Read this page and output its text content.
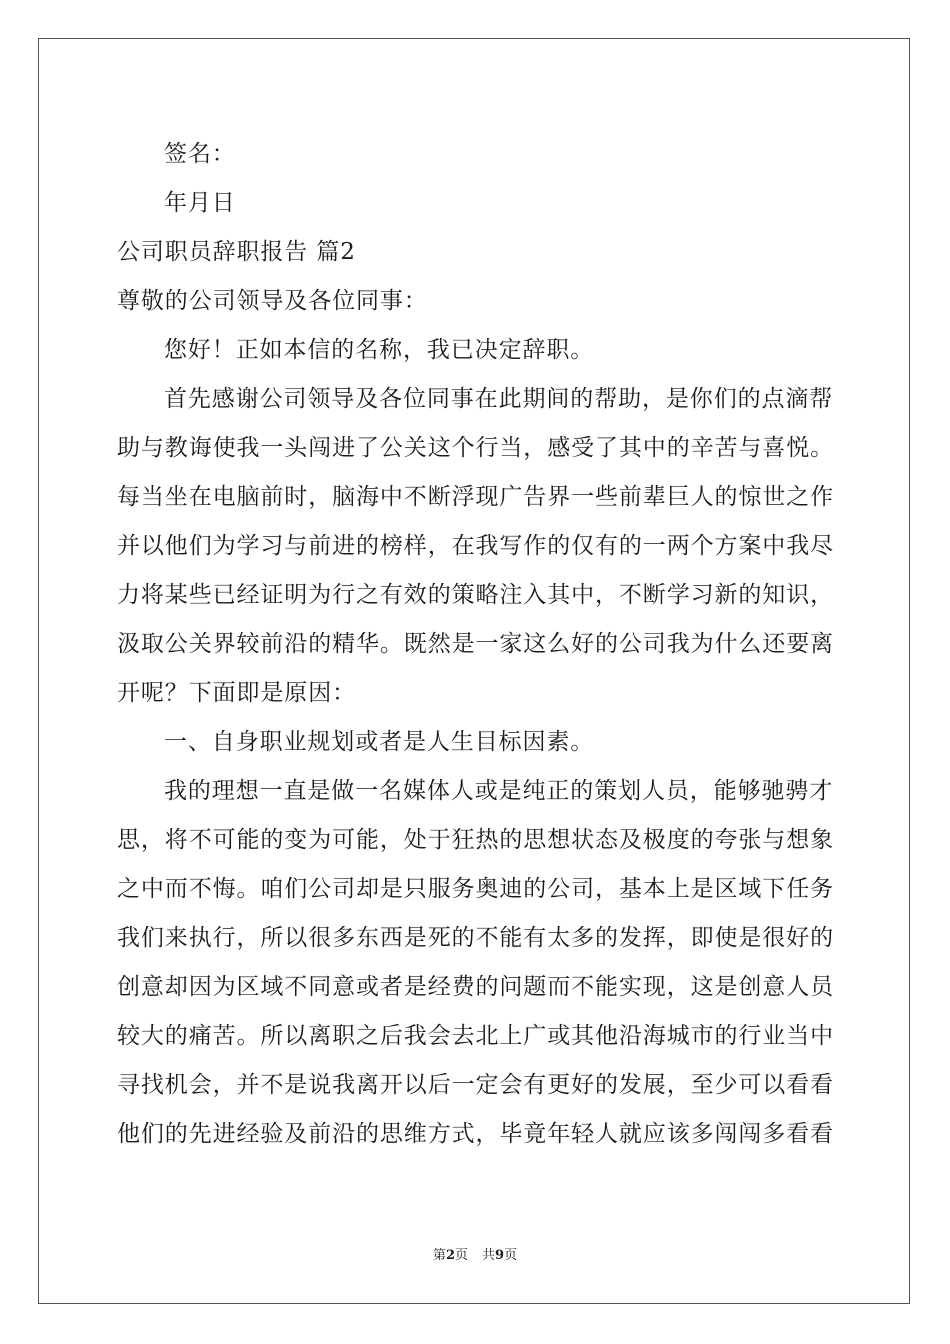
签名：

年月日

公司职员辞职报告 篇2

尊敬的公司领导及各位同事：

您好！正如本信的名称，我已决定辞职。

首先感谢公司领导及各位同事在此期间的帮助，是你们的点滴帮

助与教诲使我一头闯进了公关这个行当，感受了其中的辛苦与喜悦。

每当坐在电脑前时，脑海中不断浮现广告界一些前辈巨人的惊世之作

并以他们为学习与前进的榜样，在我写作的仅有的一两个方案中我尽

力将某些已经证明为行之有效的策略注入其中，不断学习新的知识，

汲取公关界较前沿的精华。既然是一家这么好的公司我为什么还要离

开呢？下面即是原因：

一、自身职业规划或者是人生目标因素。

我的理想一直是做一名媒体人或是纯正的策划人员，能够驰骋才

思，将不可能的变为可能，处于狂热的思想状态及极度的夸张与想象

之中而不悔。咱们公司却是只服务奥迪的公司，基本上是区域下任务

我们来执行，所以很多东西是死的不能有太多的发挥，即使是很好的

创意却因为区域不同意或者是经费的问题而不能实现，这是创意人员

较大的痛苦。所以离职之后我会去北上广或其他沿海城市的行业当中

寻找机会，并不是说我离开以后一定会有更好的发展，至少可以看看

他们的先进经验及前沿的思维方式，毕竟年轻人就应该多闯闯多看看

第2页 共9页
